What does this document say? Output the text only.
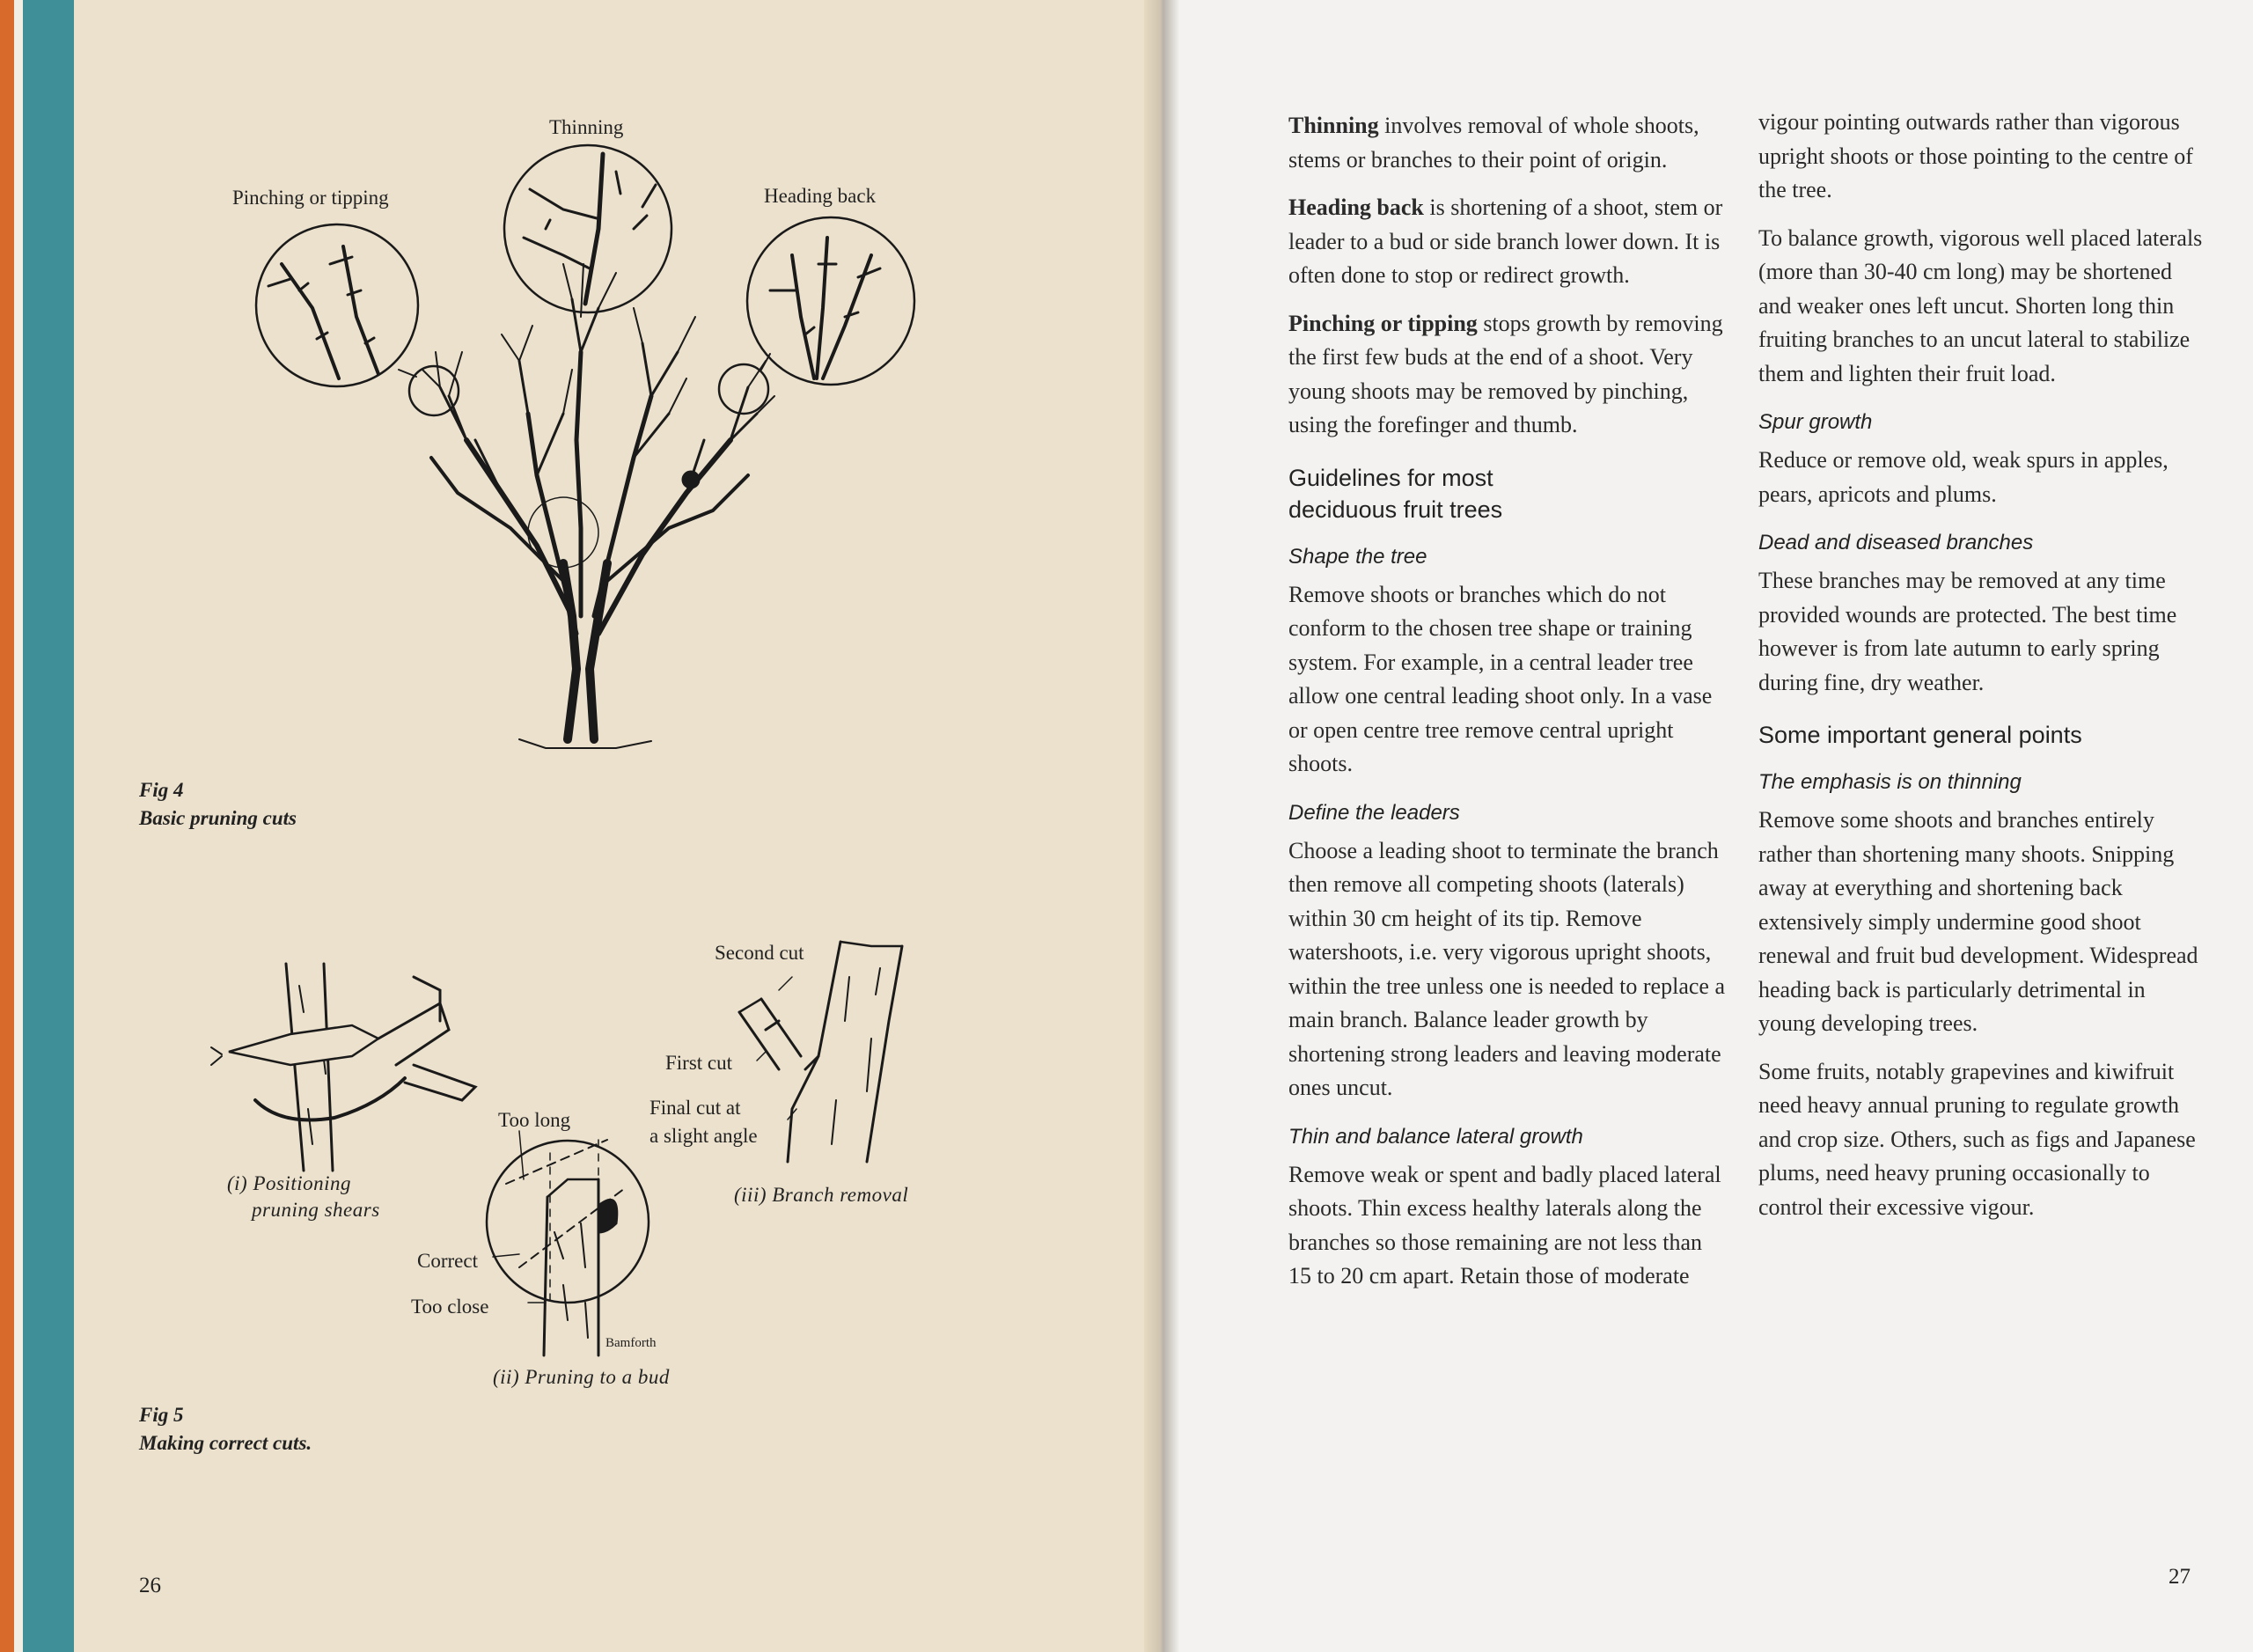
Pinching or tipping
Thinning
Heading back
Fig 4
Basic pruning cuts
Second cut
First cut
Final cut at
a slight angle
Too long
Correct
Too close
Bamforth
(i) Positioning
pruning shears
(ii) Pruning to a bud
(iii) Branch removal
Fig 5
Making correct cuts.
26

Thinning involves removal of whole shoots, stems or branches to their point of origin.

Heading back is shortening of a shoot, stem or leader to a bud or side branch lower down. It is often done to stop or redirect growth.

Pinching or tipping stops growth by removing the first few buds at the end of a shoot. Very young shoots may be removed by pinching, using the forefinger and thumb.

Guidelines for most deciduous fruit trees
Shape the tree

Remove shoots or branches which do not conform to the chosen tree shape or training system. For example, in a central leader tree allow one central leading shoot only. In a vase or open centre tree remove central upright shoots.

Define the leaders

Choose a leading shoot to terminate the branch then remove all competing shoots (laterals) within 30 cm height of its tip. Remove watershoots, i.e. very vigorous upright shoots, within the tree unless one is needed to replace a main branch. Balance leader growth by shortening strong leaders and leaving moderate ones uncut.

Thin and balance lateral growth

Remove weak or spent and badly placed lateral shoots. Thin excess healthy laterals along the branches so those remaining are not less than 15 to 20 cm apart. Retain those of moderate

vigour pointing outwards rather than vigorous upright shoots or those pointing to the centre of the tree.

To balance growth, vigorous well placed laterals (more than 30-40 cm long) may be shortened and weaker ones left uncut. Shorten long thin fruiting branches to an uncut lateral to stabilize them and lighten their fruit load.

Spur growth

Reduce or remove old, weak spurs in apples, pears, apricots and plums.

Dead and diseased branches

These branches may be removed at any time provided wounds are protected. The best time however is from late autumn to early spring during fine, dry weather.

Some important general points
The emphasis is on thinning

Remove some shoots and branches entirely rather than shortening many shoots. Snipping away at everything and shortening back extensively simply undermine good shoot renewal and fruit bud development. Widespread heading back is particularly detrimental in young developing trees.

Some fruits, notably grapevines and kiwifruit need heavy annual pruning to regulate growth and crop size. Others, such as figs and Japanese plums, need heavy pruning occasionally to control their excessive vigour.

27
